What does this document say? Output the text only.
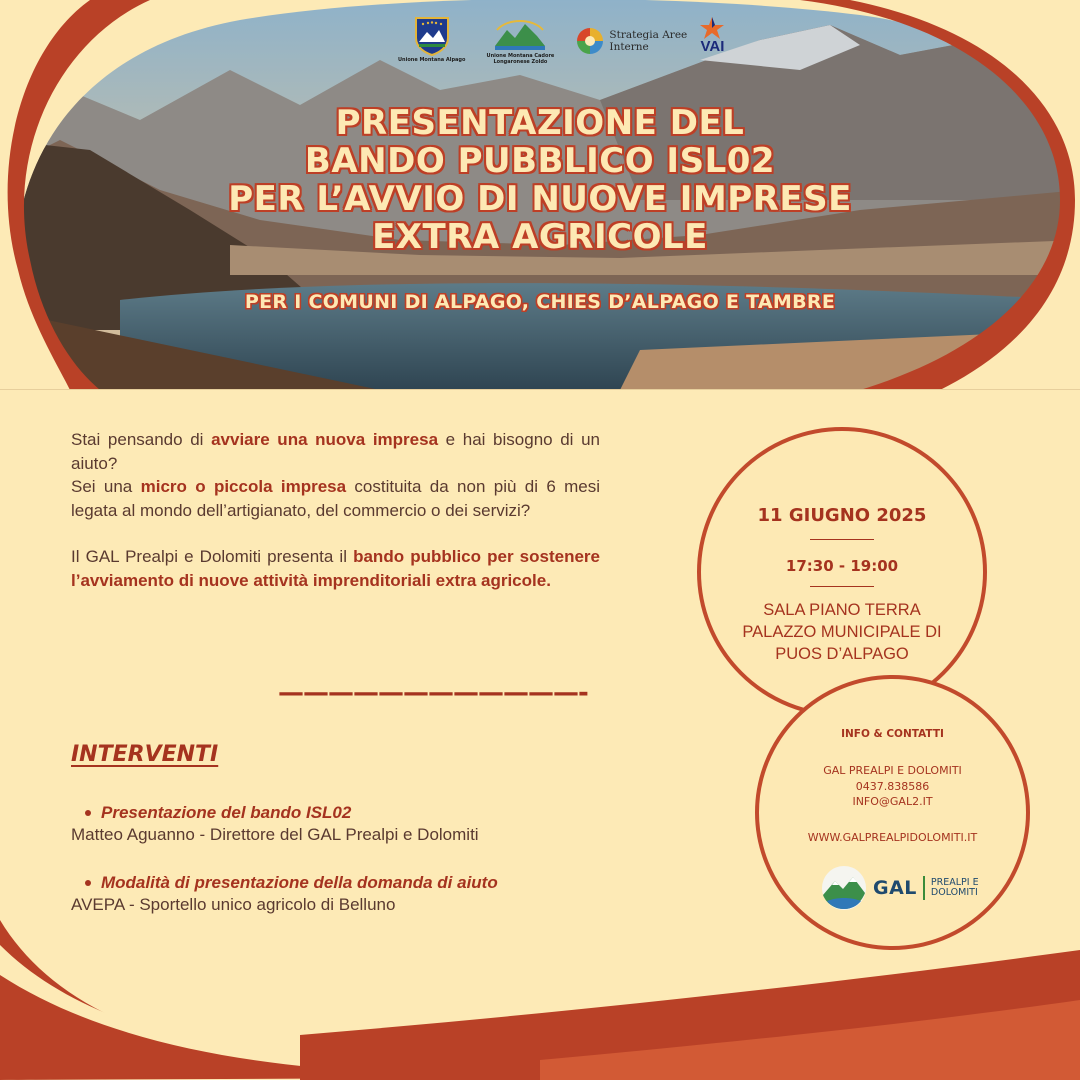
Unione Montana Alpago
Unione Montana Cadore Longaronese Zoldo
Strategia Aree Interne	VAI
PRESENTAZIONE DEL
BANDO PUBBLICO ISL02
PER L’AVVIO DI NUOVE IMPRESE
EXTRA AGRICOLE
PER I COMUNI DI ALPAGO, CHIES D’ALPAGO E TAMBRE

Stai pensando di avviare una nuova impresa e hai bisogno di un aiuto?

Sei una micro o piccola impresa costituita da non più di 6 mesi legata al mondo dell’artigianato, del commercio o dei servizi?

Il GAL Prealpi e Dolomiti presenta il bando pubblico per sostenere l’avviamento di nuove attività imprenditoriali extra agricole.

————————————-
INTERVENTI
Presentazione del bando ISL02
Matteo Aguanno - Direttore del GAL Prealpi e Dolomiti
Modalità di presentazione della domanda di aiuto
AVEPA - Sportello unico agricolo di Belluno
11 GIUGNO 2025
17:30 - 19:00
SALA PIANO TERRA
PALAZZO MUNICIPALE DI
PUOS D’ALPAGO
INFO & CONTATTI
GAL PREALPI E DOLOMITI
0437.838586
INFO@GAL2.IT
WWW.GALPREALPIDOLOMITI.IT
GAL PREALPI E
DOLOMITI
